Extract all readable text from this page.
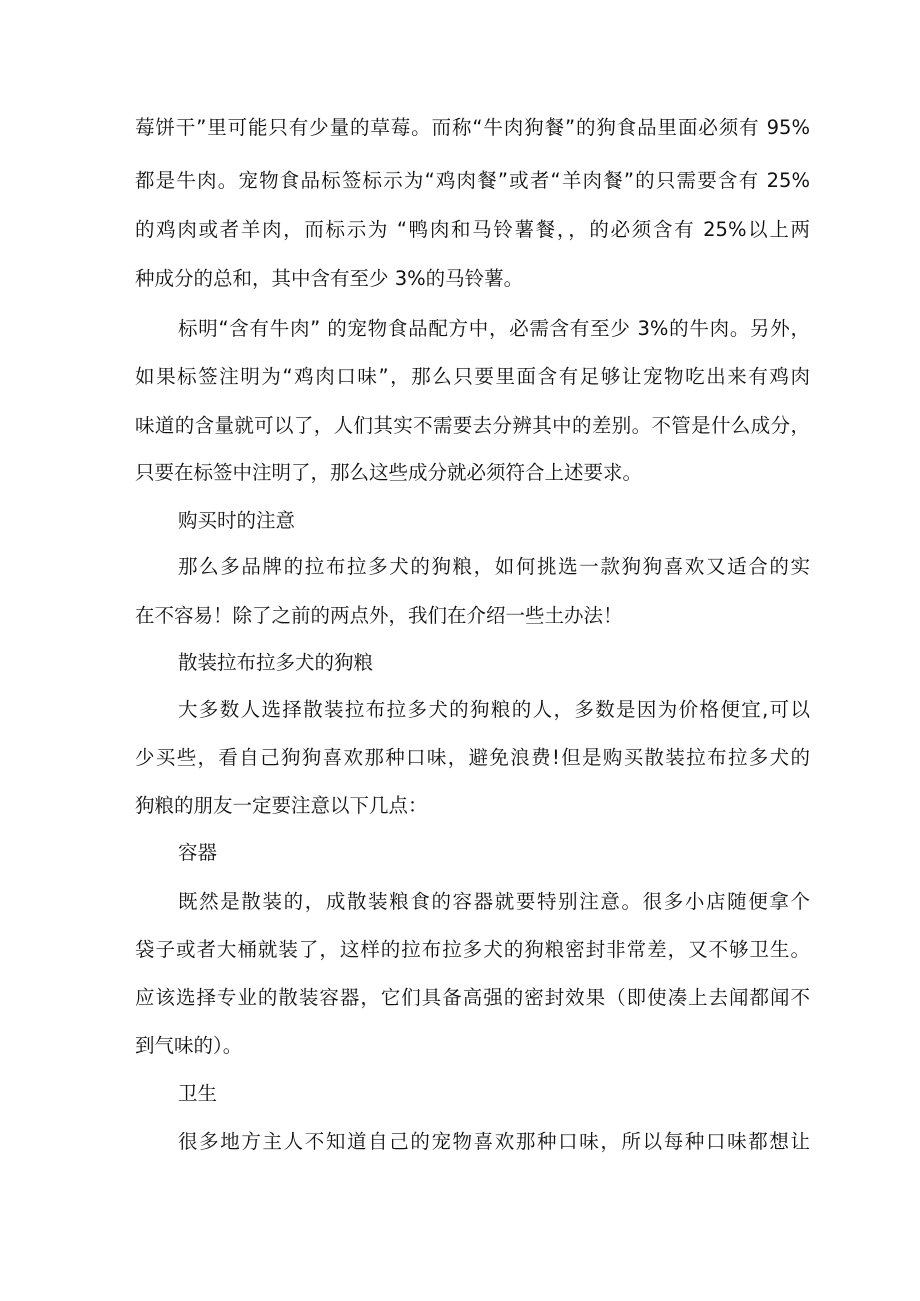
莓饼干”里可能只有少量的草莓。而称“牛肉狗餐”的狗食品里面必须有 95%
都是牛肉。宠物食品标签标示为“鸡肉餐”或者“羊肉餐”的只需要含有 25%
的鸡肉或者羊肉，而标示为 “鸭肉和马铃薯餐，，的必须含有 25%以上两
种成分的总和，其中含有至少 3%的马铃薯。
标明“含有牛肉” 的宠物食品配方中，必需含有至少 3%的牛肉。另外，
如果标签注明为“鸡肉口味”，那么只要里面含有足够让宠物吃出来有鸡肉
味道的含量就可以了，人们其实不需要去分辨其中的差别。不管是什么成分，
只要在标签中注明了，那么这些成分就必须符合上述要求。
购买时的注意
那么多品牌的拉布拉多犬的狗粮，如何挑选一款狗狗喜欢又适合的实
在不容易！除了之前的两点外，我们在介绍一些土办法！
散装拉布拉多犬的狗粮
大多数人选择散装拉布拉多犬的狗粮的人，多数是因为价格便宜,可以
少买些，看自己狗狗喜欢那种口味，避免浪费!但是购买散装拉布拉多犬的
狗粮的朋友一定要注意以下几点：
容器
既然是散装的，成散装粮食的容器就要特别注意。很多小店随便拿个
袋子或者大桶就装了，这样的拉布拉多犬的狗粮密封非常差，又不够卫生。
应该选择专业的散装容器，它们具备高强的密封效果（即使凑上去闻都闻不
到气味的）。
卫生
很多地方主人不知道自己的宠物喜欢那种口味，所以每种口味都想让
